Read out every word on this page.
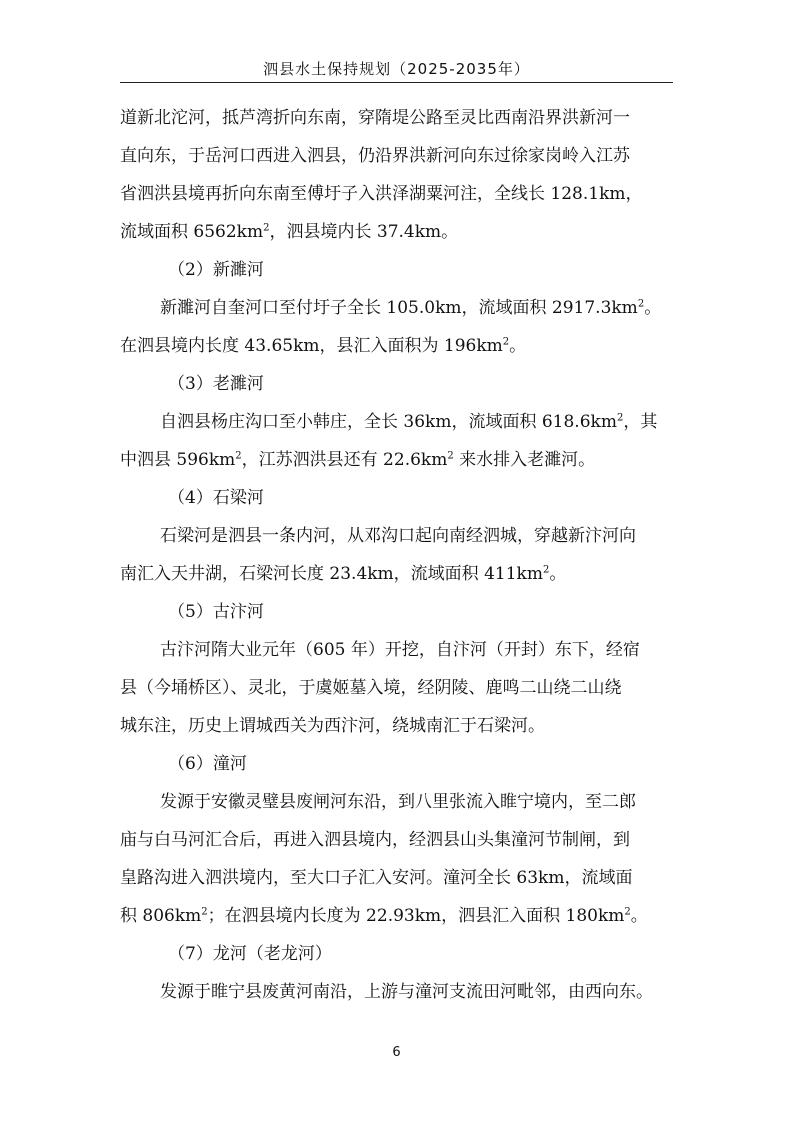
泗县水土保持规划（2025-2035年）
道新北沱河，抵芦湾折向东南，穿隋堤公路至灵比西南沿界洪新河一
直向东，于岳河口西进入泗县，仍沿界洪新河向东过徐家岗岭入江苏
省泗洪县境再折向东南至傅圩子入洪泽湖粟河注，全线长 128.1km，
流域面积 $6562km^2$，泗县境内长 37.4km。
（2）新濉河
新濉河自奎河口至付圩子全长 105.0km，流域面积 $2917.3km^2$。
在泗县境内长度 43.65km，县汇入面积为 $196km^2$。
（3）老濉河
自泗县杨庄沟口至小韩庄，全长 36km，流域面积 $618.6km^2$，其
中泗县 $596km^2$，江苏泗洪县还有 $22.6km^2$ 来水排入老濉河。
（4）石梁河
石梁河是泗县一条内河，从邓沟口起向南经泗城，穿越新汴河向
南汇入天井湖，石梁河长度 23.4km，流域面积 $411km^2$。
（5）古汴河
古汴河隋大业元年（605 年）开挖，自汴河（开封）东下，经宿
县（今埇桥区）、灵北，于虞姬墓入境，经阴陵、鹿鸣二山绕二山绕
城东注，历史上谓城西关为西汴河，绕城南汇于石梁河。
（6）潼河
发源于安徽灵璧县废闸河东沿，到八里张流入睢宁境内，至二郎
庙与白马河汇合后，再进入泗县境内，经泗县山头集潼河节制闸，到
皇路沟进入泗洪境内，至大口子汇入安河。潼河全长 63km，流域面
积 $806km^2$；在泗县境内长度为 22.93km，泗县汇入面积 $180km^2$。
（7）龙河（老龙河）
发源于睢宁县废黄河南沿，上游与潼河支流田河毗邻，由西向东。
6
